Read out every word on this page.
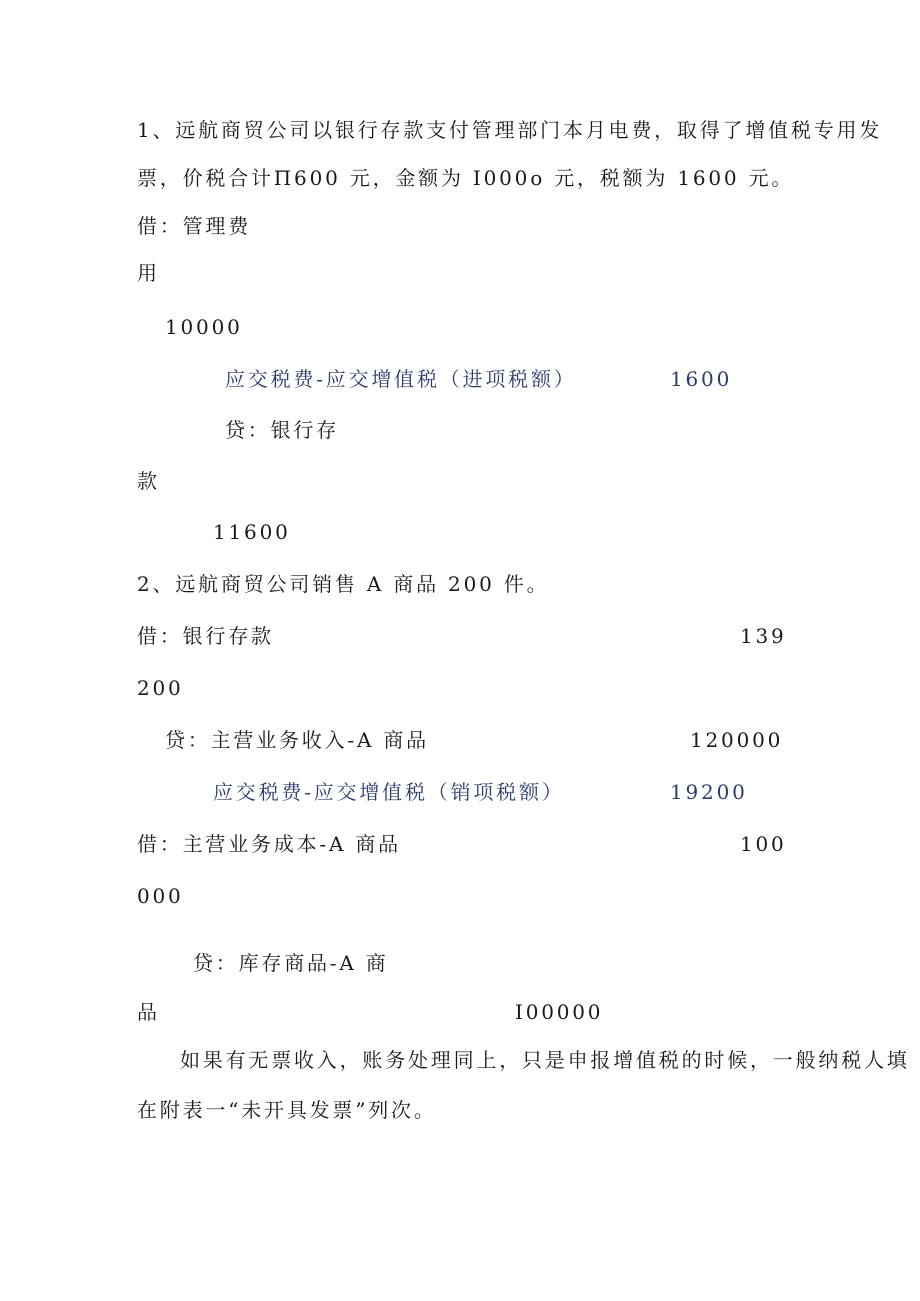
1、远航商贸公司以银行存款支付管理部门本月电费，取得了增值税专用发
票，价税合计Π600 元，金额为 I000o 元，税额为 1600 元。
借：管理费
用
10000
应交税费-应交增值税（进项税额）	1600
贷：银行存
款
11600
2、远航商贸公司销售 A 商品 200 件。
借：银行存款	139
200
贷：主营业务收入-A 商品	120000
应交税费-应交增值税（销项税额）	19200
借：主营业务成本-A 商品	100
000
贷：库存商品-A 商
品	I00000
如果有无票收入，账务处理同上，只是申报增值税的时候，一般纳税人填
在附表一“未开具发票”列次。
